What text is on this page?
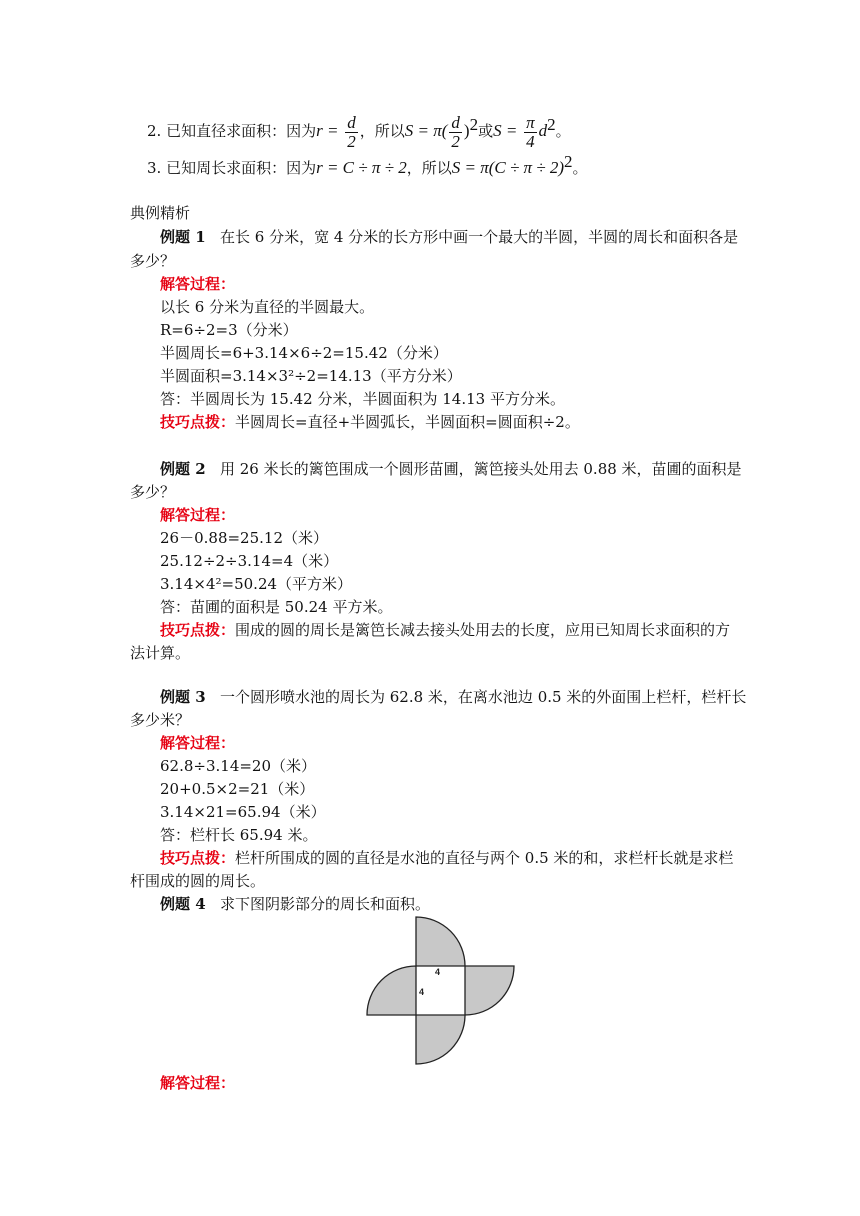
2. 已知直径求面积：因为$r = \frac{d}{2}$ ，所以$S = \pi( \frac{d}{2} )^2$或$S = \frac{\pi}{4} d^2$。
3. 已知周长求面积：因为r = C ÷ π ÷ 2，所以$S = \pi(C \div \pi \div 2)^2$。
典例精析
例题 1 在长 6 分米，宽 4 分米的长方形中画一个最大的半圆，半圆的周长和面积各是
多少？
解答过程：
以长 6 分米为直径的半圆最大。
R=6÷2=3（分米）
半圆周长=6+3.14×6÷2=15.42（分米）
半圆面积=3.14×3²÷2=14.13（平方分米）
答：半圆周长为 15.42 分米，半圆面积为 14.13 平方分米。
技巧点拨：半圆周长=直径+半圆弧长，半圆面积=圆面积÷2。
例题 2 用 26 米长的篱笆围成一个圆形苗圃，篱笆接头处用去 0.88 米，苗圃的面积是
多少？
解答过程：
26－0.88=25.12（米）
25.12÷2÷3.14=4（米）
3.14×4²=50.24（平方米）
答：苗圃的面积是 50.24 平方米。
技巧点拨：围成的圆的周长是篱笆长减去接头处用去的长度，应用已知周长求面积的方
法计算。
例题 3 一个圆形喷水池的周长为 62.8 米，在离水池边 0.5 米的外面围上栏杆，栏杆长
多少米？
解答过程：
62.8÷3.14=20（米）
20+0.5×2=21（米）
3.14×21=65.94（米）
答：栏杆长 65.94 米。
技巧点拨：栏杆所围成的圆的直径是水池的直径与两个 0.5 米的和，求栏杆长就是求栏
杆围成的圆的周长。
例题 4 求下图阴影部分的周长和面积。
4
4
解答过程：
